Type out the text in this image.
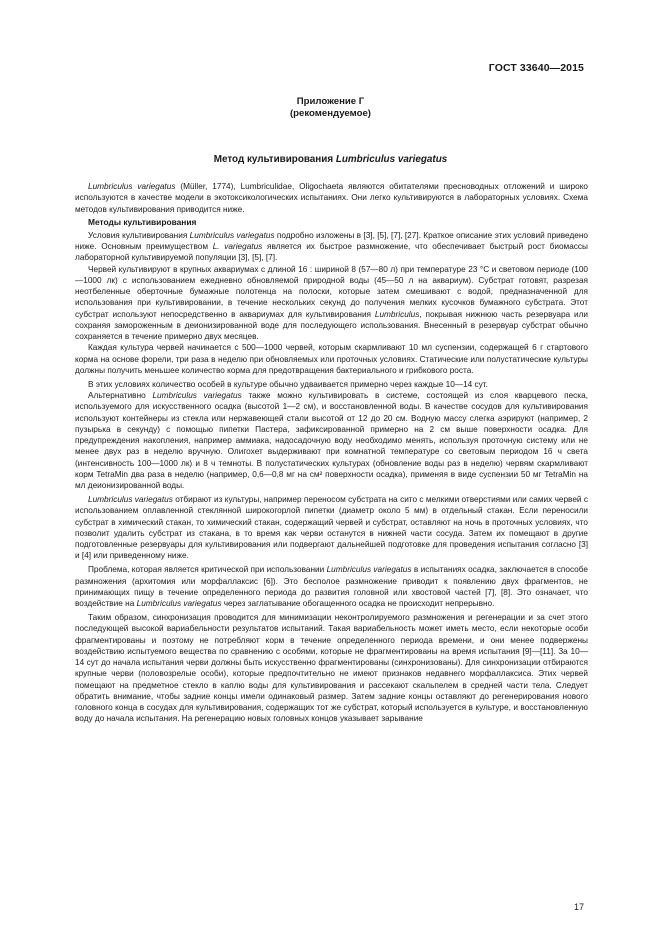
ГОСТ 33640—2015
Приложение Г
(рекомендуемое)
Метод культивирования Lumbriculus variegatus

Lumbriculus variegatus (Müller, 1774), Lumbriculidae, Oligochaeta являются обитателями пресноводных отложений и широко используются в качестве модели в экотоксикологических испытаниях. Они легко культивируются в лабораторных условиях. Схема методов культивирования приводится ниже.

Методы культивирования

Условия культивирования Lumbriculus variegatus подробно изложены в [3], [5], [7], [27]. Краткое описание этих условий приведено ниже. Основным преимуществом L. variegatus является их быстрое размножение, что обеспечивает быстрый рост биомассы лабораторной культивируемой популяции [3], [5], [7].

Червей культивируют в крупных аквариумах с длиной 16 : шириной 8 (57—80 л) при температуре 23 °С и световом периоде (100—1000 лк) с использованием ежедневно обновляемой природной воды (45—50 л на аквариум). Субстрат готовят, разрезая неотбеленные оберточные бумажные полотенца на полоски, которые затем смешивают с водой, предназначенной для использования при культивировании, в течение нескольких секунд до получения мелких кусочков бумажного субстрата. Этот субстрат используют непосредственно в аквариумах для культивирования Lumbriculus, покрывая нижнюю часть резервуара или сохраняя замороженным в деионизированной воде для последующего использования. Внесенный в резервуар субстрат обычно сохраняется в течение примерно двух месяцев.

Каждая культура червей начинается с 500—1000 червей, которым скармливают 10 мл суспензии, содержащей 6 г стартового корма на основе форели, три раза в неделю при обновляемых или проточных условиях. Статические или полустатические культуры должны получить меньшее количество корма для предотвращения бактериального и грибкового роста.

В этих условиях количество особей в культуре обычно удваивается примерно через каждые 10—14 сут.

Альтернативно Lumbriculus variegatus также можно культивировать в системе, состоящей из слоя кварцевого песка, используемого для искусственного осадка (высотой 1—2 см), и восстановленной воды. В качестве сосудов для культивирования используют контейнеры из стекла или нержавеющей стали высотой от 12 до 20 см. Водную массу слегка аэрируют (например, 2 пузырька в секунду) с помощью пипетки Пастера, зафиксированной примерно на 2 см выше поверхности осадка. Для предупреждения накопления, например аммиака, надосадочную воду необходимо менять, используя проточную систему или не менее двух раз в неделю вручную. Олигохет выдерживают при комнатной температуре со световым периодом 16 ч света (интенсивность 100—1000 лк) и 8 ч темноты. В полустатических культурах (обновление воды раз в неделю) червям скармливают корм TetraMin два раза в неделю (например, 0,6—0,8 мг на см² поверхности осадка), применяя в виде суспензии 50 мг TetraMin на мл деионизированной воды.

Lumbriculus variegatus отбирают из культуры, например переносом субстрата на сито с мелкими отверстиями или самих червей с использованием оплавленной стеклянной широкогорлой пипетки (диаметр около 5 мм) в отдельный стакан. Если переносили субстрат в химический стакан, то химический стакан, содержащий червей и субстрат, оставляют на ночь в проточных условиях, что позволит удалить субстрат из стакана, в то время как черви останутся в нижней части сосуда. Затем их помещают в другие подготовленные резервуары для культивирования или подвергают дальнейшей подготовке для проведения испытания согласно [3] и [4] или приведенному ниже.

Проблема, которая является критической при использовании Lumbriculus variegatus в испытаниях осадка, заключается в способе размножения (архитомия или морфаллаксис [6]). Это бесполое размножение приводит к появлению двух фрагментов, не принимающих пищу в течение определенного периода до развития головной или хвостовой частей [7], [8]. Это означает, что воздействие на Lumbriculus variegatus через заглатывание обогащенного осадка не происходит непрерывно.

Таким образом, синхронизация проводится для минимизации неконтролируемого размножения и регенерации и за счет этого последующей высокой вариабельности результатов испытаний. Такая вариабельность может иметь место, если некоторые особи фрагментированы и поэтому не потребляют корм в течение определенного периода времени, и они менее подвержены воздействию испытуемого вещества по сравнению с особями, которые не фрагментированы на время испытания [9]—[11]. За 10—14 сут до начала испытания черви должны быть искусственно фрагментированы (синхронизованы). Для синхронизации отбираются крупные черви (половозрелые особи), которые предпочтительно не имеют признаков недавнего морфаллаксиса. Этих червей помещают на предметное стекло в каплю воды для культивирования и рассекают скальпелем в средней части тела. Следует обратить внимание, чтобы задние концы имели одинаковый размер. Затем задние концы оставляют до регенерирования нового головного конца в сосудах для культивирования, содержащих тот же субстрат, который используется в культуре, и восстановленную воду до начала испытания. На регенерацию новых головных концов указывает зарывание

17
